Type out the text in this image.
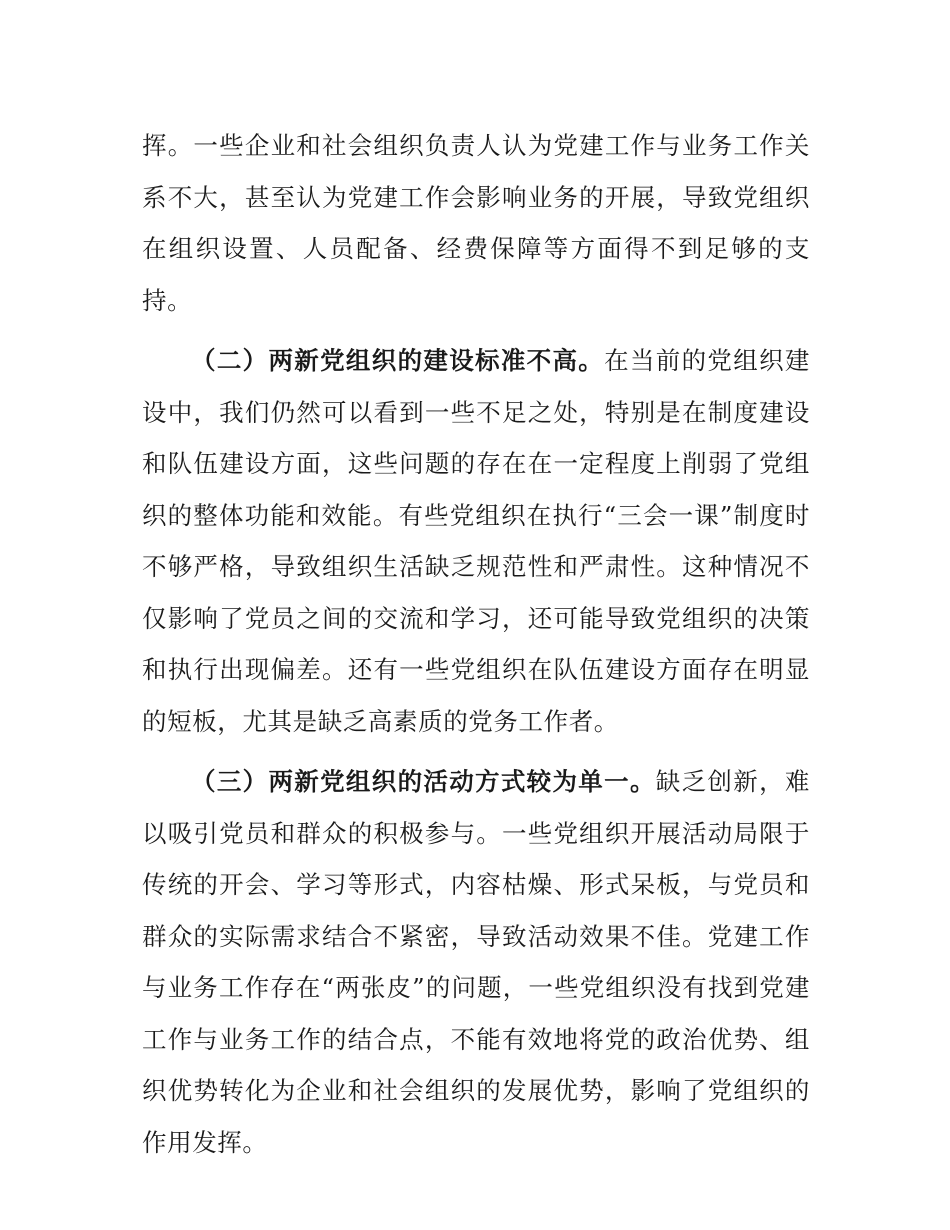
挥。一些企业和社会组织负责人认为党建工作与业务工作关系不大，甚至认为党建工作会影响业务的开展，导致党组织在组织设置、人员配备、经费保障等方面得不到足够的支持。

（二）两新党组织的建设标准不高。在当前的党组织建设中，我们仍然可以看到一些不足之处，特别是在制度建设和队伍建设方面，这些问题的存在在一定程度上削弱了党组织的整体功能和效能。有些党组织在执行“三会一课”制度时不够严格，导致组织生活缺乏规范性和严肃性。这种情况不仅影响了党员之间的交流和学习，还可能导致党组织的决策和执行出现偏差。还有一些党组织在队伍建设方面存在明显的短板，尤其是缺乏高素质的党务工作者。

（三）两新党组织的活动方式较为单一。缺乏创新，难以吸引党员和群众的积极参与。一些党组织开展活动局限于传统的开会、学习等形式，内容枯燥、形式呆板，与党员和群众的实际需求结合不紧密，导致活动效果不佳。党建工作与业务工作存在“两张皮”的问题，一些党组织没有找到党建工作与业务工作的结合点，不能有效地将党的政治优势、组织优势转化为企业和社会组织的发展优势，影响了党组织的作用发挥。
